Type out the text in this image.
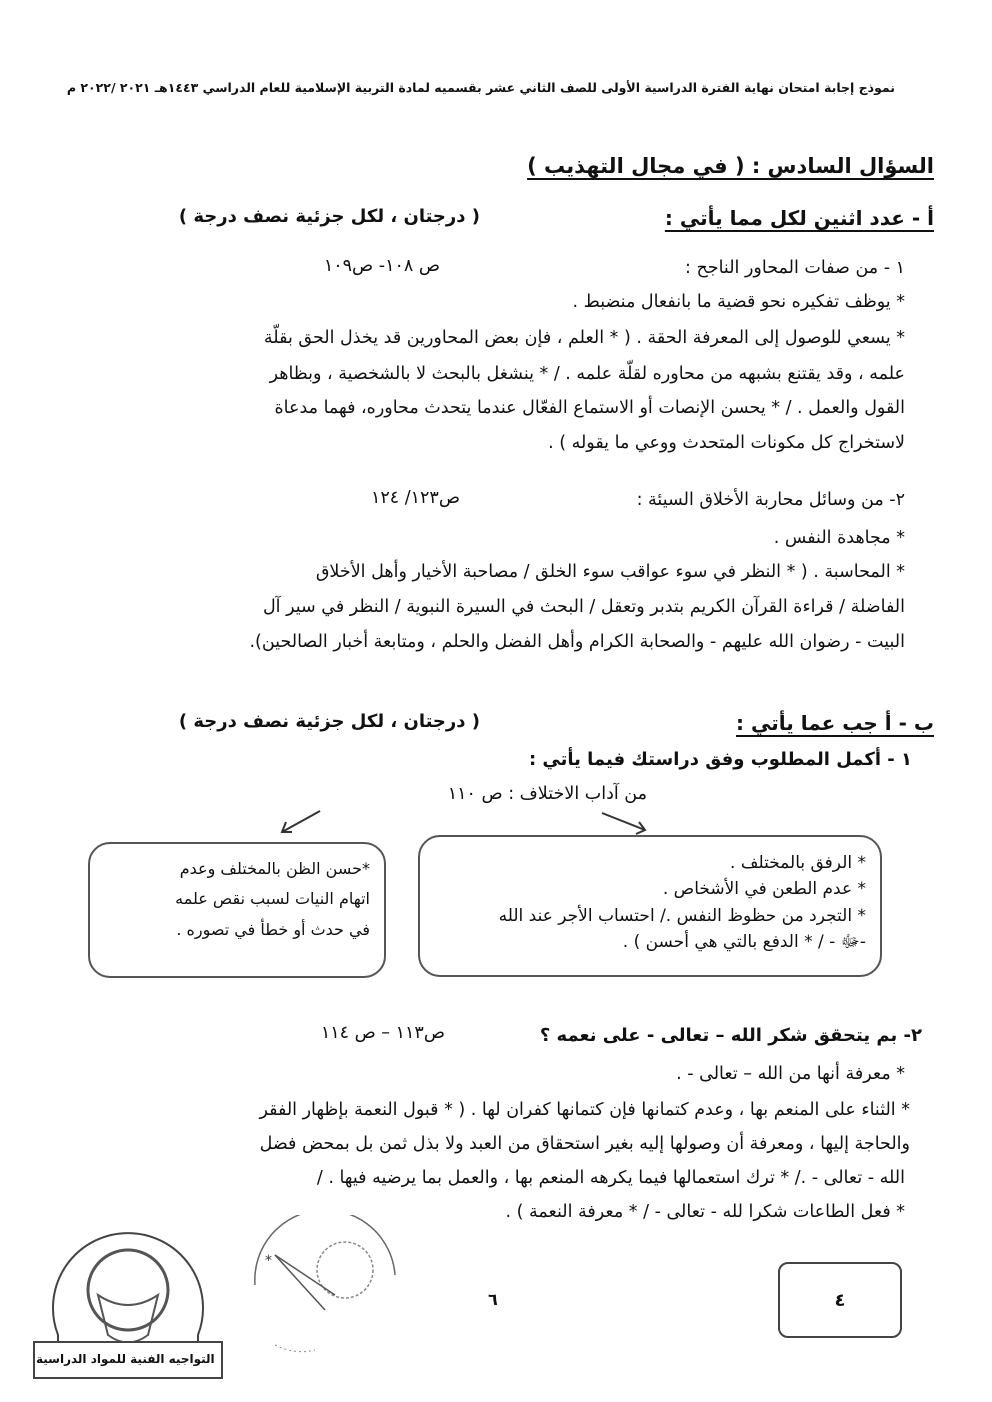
نموذج إجابة امتحان نهاية الفترة الدراسية الأولى للصف الثاني عشر بقسميه لمادة التربية الإسلامية للعام الدراسي ١٤٤٣هـ ٢٠٢١ /٢٠٢٢ م
السؤال السادس : ( في مجال التهذيب )
أ - عدد اثنين لكل مما يأتي :
( درجتان ، لكل جزئية نصف درجة )
١ - من صفات المحاور الناجح :
ص ١٠٨- ص١٠٩
* يوظف تفكيره نحو قضية ما بانفعال منضبط .
* يسعي للوصول إلى المعرفة الحقة . ( * العلم ، فإن بعض المحاورين قد يخذل الحق بقلّة
علمه ، وقد يقتنع بشبهه من محاوره لقلّة علمه . / * ينشغل بالبحث لا بالشخصية ، وبظاهر
القول والعمل . / * يحسن الإنصات أو الاستماع الفعّال عندما يتحدث محاوره، فهما مدعاة
لاستخراج كل مكونات المتحدث ووعي ما يقوله ) .
٢- من وسائل محاربة الأخلاق السيئة :
ص١٢٣/ ١٢٤
* مجاهدة النفس .
* المحاسبة . ( * النظر في سوء عواقب سوء الخلق / مصاحبة الأخيار وأهل الأخلاق
الفاضلة / قراءة القرآن الكريم بتدبر وتعقل / البحث في السيرة النبوية / النظر في سير آل
البيت - رضوان الله عليهم - والصحابة الكرام وأهل الفضل والحلم ، ومتابعة أخبار الصالحين).
ب - أ جب عما يأتي :
( درجتان ، لكل جزئية نصف درجة )
١ - أكمل المطلوب وفق دراستك فيما يأتي :
من آداب الاختلاف : ص ١١٠
* الرفق بالمختلف .
* عدم الطعن في الأشخاص .
* التجرد من حظوظ النفس ./ احتساب الأجر عند الله
-ﷻ - / * الدفع بالتي هي أحسن ) .
*حسن الظن بالمختلف وعدم
اتهام النيات لسبب نقص علمه
في حدث أو خطأ في تصوره .
٢- بم يتحقق شكر الله – تعالى - على نعمه ؟
ص١١٣ – ص ١١٤
* معرفة أنها من الله – تعالى - .
* الثناء على المنعم بها ، وعدم كتمانها فإن كتمانها كفران لها . ( * قبول النعمة بإظهار الفقر
والحاجة إليها ، ومعرفة أن وصولها إليه بغير استحقاق من العبد ولا بذل ثمن بل بمحض فضل
الله - تعالى - ./ * ترك استعمالها فيما يكرهه المنعم بها ، والعمل بما يرضيه فيها . /
* فعل الطاعات شكرا لله - تعالى - / * معرفة النعمة ) .
التواجيه الفنية للمواد الدراسية
*
٦	٤
